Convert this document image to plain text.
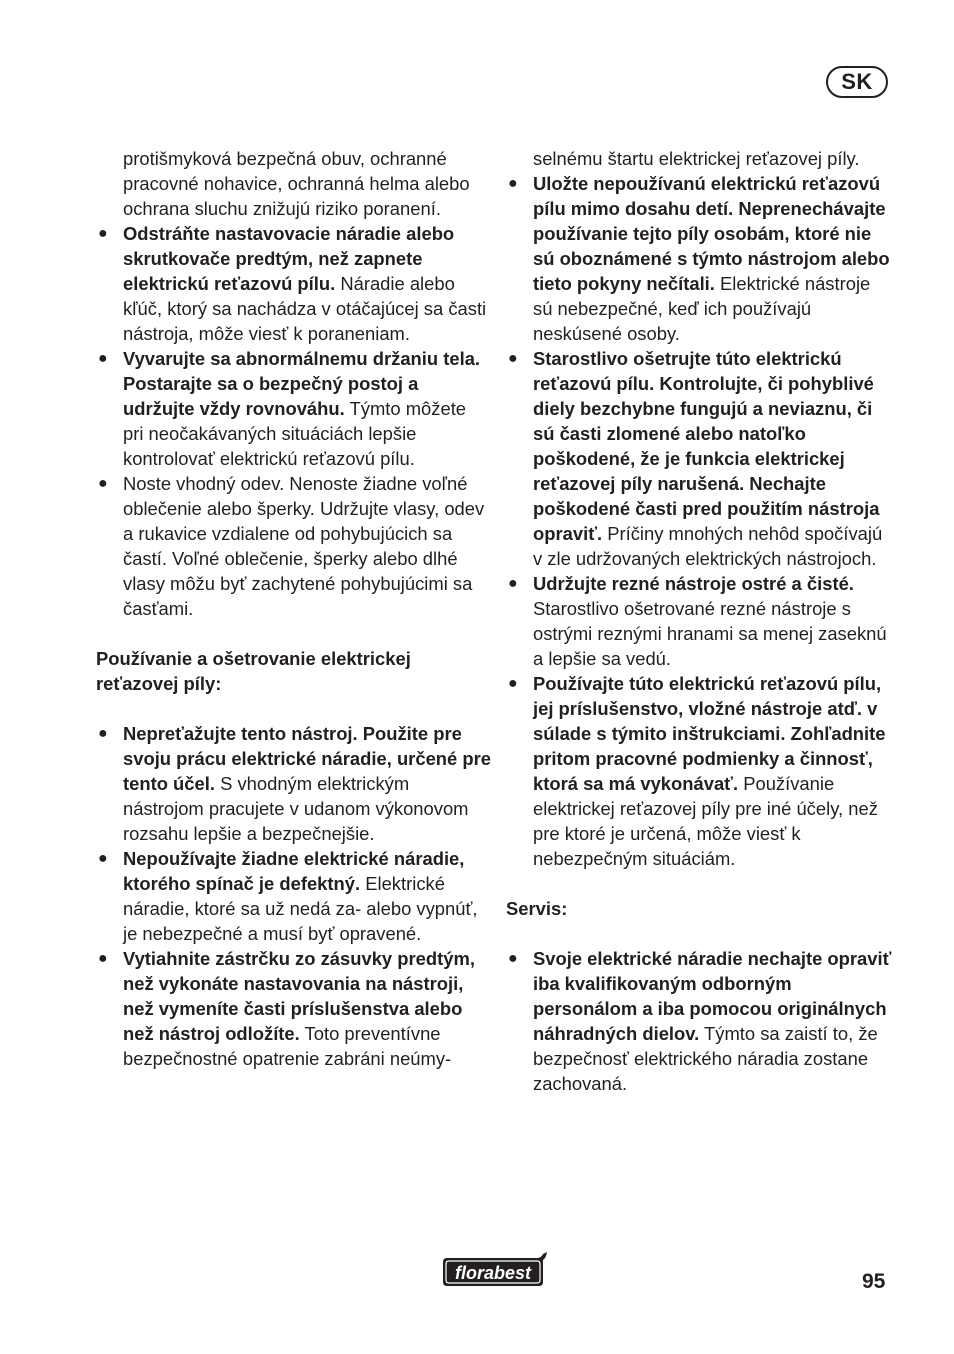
SK

protišmyková bezpečná obuv, ochranné pracovné nohavice, ochranná helma alebo ochrana sluchu znižujú riziko poranení.

● Odstráňte nastavovacie náradie alebo skrutkovače predtým, než zapnete elektrickú reťazovú pílu. Náradie alebo kľúč, ktorý sa nachádza v otáčajúcej sa časti nástroja, môže viesť k poraneniam.

● Vyvarujte sa abnormálnemu držaniu tela. Postarajte sa o bezpečný postoj a udržujte vždy rovnováhu. Týmto môžete pri neočakávaných situáciách lepšie kontrolovať elektrickú reťazovú pílu.

● Noste vhodný odev. Nenoste žiadne voľné oblečenie alebo šperky. Udržujte vlasy, odev a rukavice vzdialene od pohybujúcich sa častí. Voľné oblečenie, šperky alebo dlhé vlasy môžu byť zachytené pohybujúcimi sa časťami.

Používanie a ošetrovanie elektrickej reťazovej píly:

● Nepreťažujte tento nástroj. Použite pre svoju prácu elektrické náradie, určené pre tento účel. S vhodným elektrickým nástrojom pracujete v udanom výkonovom rozsahu lepšie a bezpečnejšie.

● Nepoužívajte žiadne elektrické náradie, ktorého spínač je defektný. Elektrické náradie, ktoré sa už nedá za- alebo vypnúť, je nebezpečné a musí byť opravené.

● Vytiahnite zástrčku zo zásuvky predtým, než vykonáte nastavovania na nástroji, než vymeníte časti príslušenstva alebo než nástroj odložíte. Toto preventívne bezpečnostné opatrenie zabráni neúmy-

selnému štartu elektrickej reťazovej píly.

● Uložte nepoužívanú elektrickú reťazovú pílu mimo dosahu detí. Neprenechávajte používanie tejto píly osobám, ktoré nie sú oboznámené s týmto nástrojom alebo tieto pokyny nečítali. Elektrické nástroje sú nebezpečné, keď ich používajú neskúsené osoby.

● Starostlivo ošetrujte túto elektrickú reťazovú pílu. Kontrolujte, či pohyblivé diely bezchybne fungujú a neviaznu, či sú časti zlomené alebo natoľko poškodené, že je funkcia elektrickej reťazovej píly narušená. Nechajte poškodené časti pred použitím nástroja opraviť. Príčiny mnohých nehôd spočívajú v zle udržovaných elektrických nástrojoch.

● Udržujte rezné nástroje ostré a čisté. Starostlivo ošetrované rezné nástroje s ostrými reznými hranami sa menej zaseknú a lepšie sa vedú.

● Používajte túto elektrickú reťazovú pílu, jej príslušenstvo, vložné nástroje atď. v súlade s týmito inštrukciami. Zohľadnite pritom pracovné podmienky a činnosť, ktorá sa má vykonávať. Používanie elektrickej reťazovej píly pre iné účely, než pre ktoré je určená, môže viesť k nebezpečným situáciám.

Servis:

● Svoje elektrické náradie nechajte opraviť iba kvalifikovaným odborným personálom a iba pomocou originálnych náhradných dielov. Týmto sa zaistí to, že bezpečnosť elektrického náradia zostane zachovaná.

florabest	95
